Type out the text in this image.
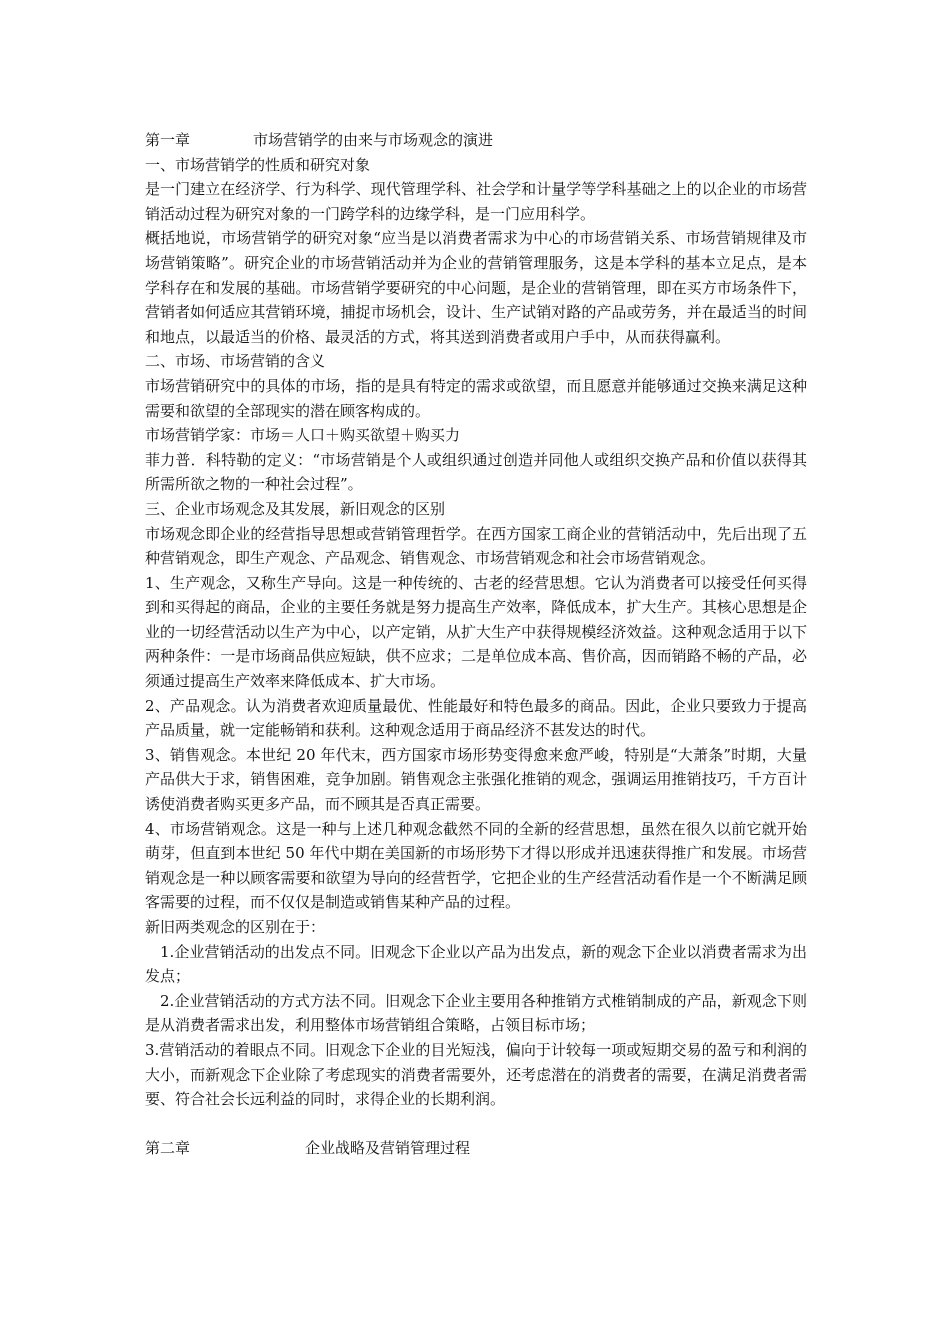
第一章	市场营销学的由来与市场观念的演进

一、市场营销学的性质和研究对象

是一门建立在经济学、行为科学、现代管理学科、社会学和计量学等学科基础之上的以企业的市场营销活动过程为研究对象的一门跨学科的边缘学科，是一门应用科学。

概括地说，市场营销学的研究对象“应当是以消费者需求为中心的市场营销关系、市场营销规律及市场营销策略”。研究企业的市场营销活动并为企业的营销管理服务，这是本学科的基本立足点，是本学科存在和发展的基础。市场营销学要研究的中心问题，是企业的营销管理，即在买方市场条件下，营销者如何适应其营销环境，捕捉市场机会，设计、生产试销对路的产品或劳务，并在最适当的时间和地点，以最适当的价格、最灵活的方式，将其送到消费者或用户手中，从而获得赢利。

二、市场、市场营销的含义

市场营销研究中的具体的市场，指的是具有特定的需求或欲望，而且愿意并能够通过交换来满足这种需要和欲望的全部现实的潜在顾客构成的。

市场营销学家：市场＝人口＋购买欲望＋购买力

菲力普．科特勒的定义：“市场营销是个人或组织通过创造并同他人或组织交换产品和价值以获得其所需所欲之物的一种社会过程”。

三、企业市场观念及其发展，新旧观念的区别

市场观念即企业的经营指导思想或营销管理哲学。在西方国家工商企业的营销活动中，先后出现了五种营销观念，即生产观念、产品观念、销售观念、市场营销观念和社会市场营销观念。

1、生产观念，又称生产导向。这是一种传统的、古老的经营思想。它认为消费者可以接受任何买得到和买得起的商品，企业的主要任务就是努力提高生产效率，降低成本，扩大生产。其核心思想是企业的一切经营活动以生产为中心，以产定销，从扩大生产中获得规模经济效益。这种观念适用于以下两种条件：一是市场商品供应短缺，供不应求；二是单位成本高、售价高，因而销路不畅的产品，必须通过提高生产效率来降低成本、扩大市场。

2、产品观念。认为消费者欢迎质量最优、性能最好和特色最多的商品。因此，企业只要致力于提高产品质量，就一定能畅销和获利。这种观念适用于商品经济不甚发达的时代。

3、销售观念。本世纪 20 年代末，西方国家市场形势变得愈来愈严峻，特别是“大萧条”时期，大量产品供大于求，销售困难，竞争加剧。销售观念主张强化推销的观念，强调运用推销技巧，千方百计诱使消费者购买更多产品，而不顾其是否真正需要。

4、市场营销观念。这是一种与上述几种观念截然不同的全新的经营思想，虽然在很久以前它就开始萌芽，但直到本世纪 50 年代中期在美国新的市场形势下才得以形成并迅速获得推广和发展。市场营销观念是一种以顾客需要和欲望为导向的经营哲学，它把企业的生产经营活动看作是一个不断满足顾客需要的过程，而不仅仅是制造或销售某种产品的过程。

新旧两类观念的区别在于：

1.企业营销活动的出发点不同。旧观念下企业以产品为出发点，新的观念下企业以消费者需求为出发点；

2.企业营销活动的方式方法不同。旧观念下企业主要用各种推销方式椎销制成的产品，新观念下则是从消费者需求出发，利用整体市场营销组合策略，占领目标市场；

3.营销活动的着眼点不同。旧观念下企业的目光短浅，偏向于计较每一项或短期交易的盈亏和利润的大小，而新观念下企业除了考虑现实的消费者需要外，还考虑潜在的消费者的需要，在满足消费者需要、符合社会长远利益的同时，求得企业的长期利润。

第二章	企业战略及营销管理过程
